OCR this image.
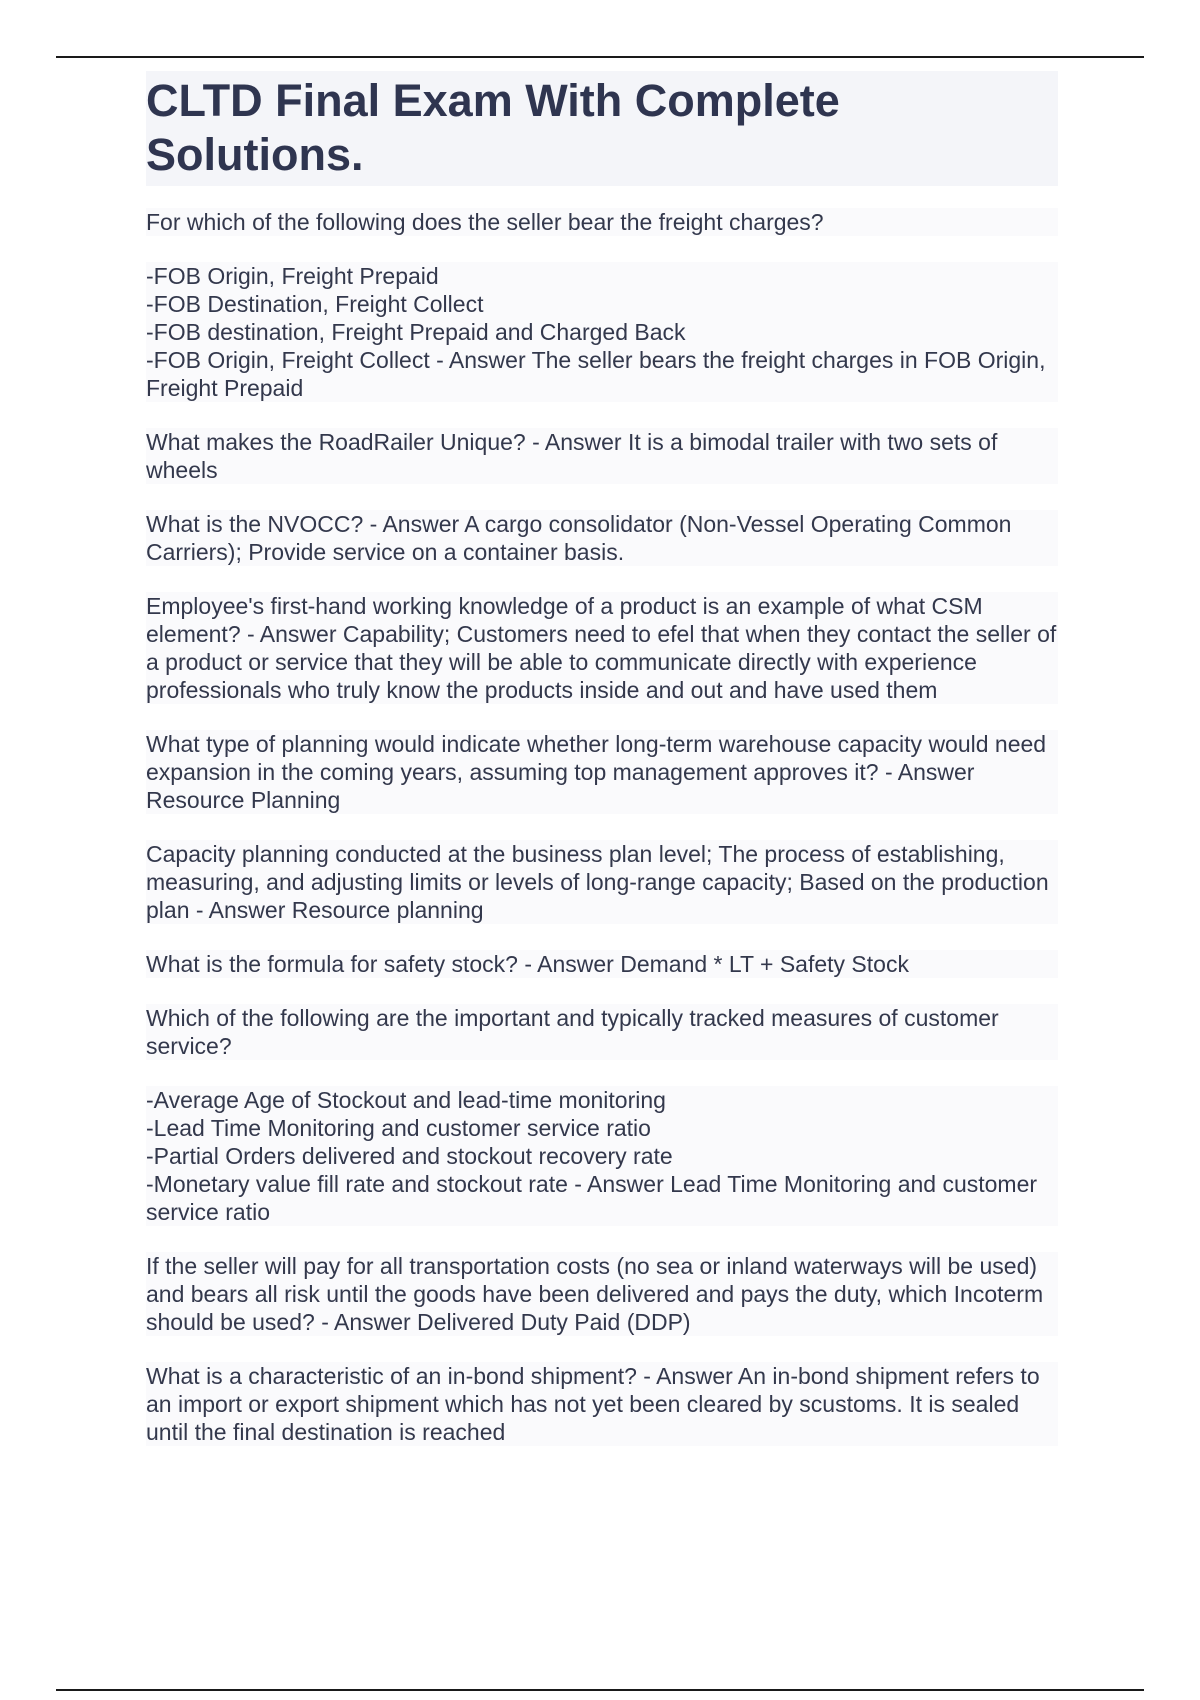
CLTD Final Exam With Complete Solutions.

For which of the following does the seller bear the freight charges?

-FOB Origin, Freight Prepaid
-FOB Destination, Freight Collect
-FOB destination, Freight Prepaid and Charged Back
-FOB Origin, Freight Collect - Answer The seller bears the freight charges in FOB Origin, Freight Prepaid

What makes the RoadRailer Unique? - Answer It is a bimodal trailer with two sets of wheels

What is the NVOCC? - Answer A cargo consolidator (Non-Vessel Operating Common Carriers); Provide service on a container basis.

Employee's first-hand working knowledge of a product is an example of what CSM element? - Answer Capability; Customers need to efel that when they contact the seller of a product or service that they will be able to communicate directly with experience professionals who truly know the products inside and out and have used them

What type of planning would indicate whether long-term warehouse capacity would need expansion in the coming years, assuming top management approves it? - Answer Resource Planning

Capacity planning conducted at the business plan level; The process of establishing, measuring, and adjusting limits or levels of long-range capacity; Based on the production plan - Answer Resource planning

What is the formula for safety stock? - Answer Demand * LT + Safety Stock

Which of the following are the important and typically tracked measures of customer service?

-Average Age of Stockout and lead-time monitoring
-Lead Time Monitoring and customer service ratio
-Partial Orders delivered and stockout recovery rate
-Monetary value fill rate and stockout rate - Answer Lead Time Monitoring and customer service ratio

If the seller will pay for all transportation costs (no sea or inland waterways will be used) and bears all risk until the goods have been delivered and pays the duty, which Incoterm should be used? - Answer Delivered Duty Paid (DDP)

What is a characteristic of an in-bond shipment? - Answer An in-bond shipment refers to an import or export shipment which has not yet been cleared by scustoms. It is sealed until the final destination is reached
